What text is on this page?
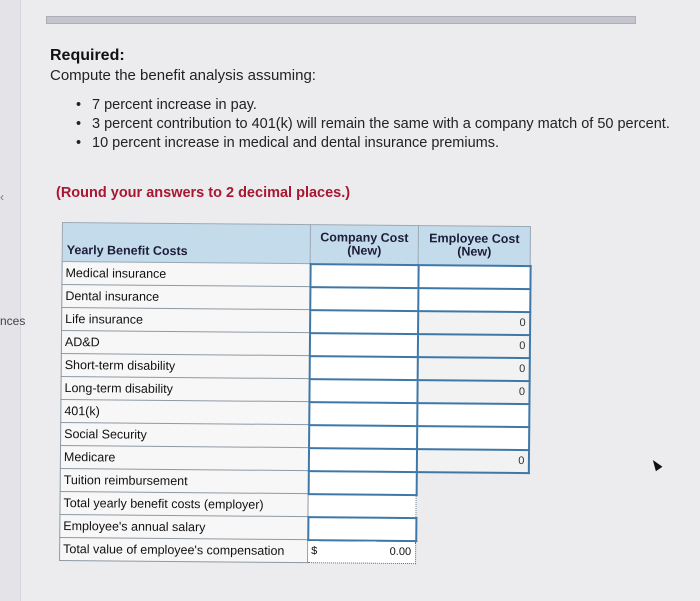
‹
nces
Required:
Compute the benefit analysis assuming:
• 7 percent increase in pay.
• 3 percent contribution to 401(k) will remain the same with a company match of 50 percent.
• 10 percent increase in medical and dental insurance premiums.
(Round your answers to 2 decimal places.)
Yearly Benefit Costs	Company Cost
(New)	Employee Cost
(New)
Medical insurance		
Dental insurance		
Life insurance		0
AD&D		0
Short-term disability		0
Long-term disability		0
401(k)		
Social Security		
Medicare		0
Tuition reimbursement		
Total yearly benefit costs (employer)		
Employee's annual salary		
Total value of employee's compensation	$ 0.00	
